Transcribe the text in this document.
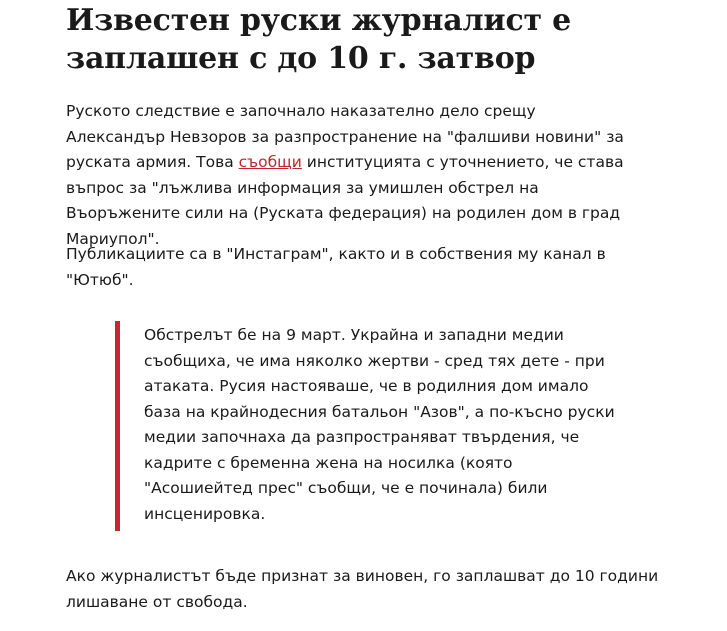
Известен руски журналист е заплашен с до 10 г. затвор

Руското следствие е започнало наказателно дело срещу Александър Невзоров за разпространение на "фалшиви новини" за руската армия. Това съобщи институцията с уточнението, че става въпрос за "лъжлива информация за умишлен обстрел на Въоръжените сили на (Руската федерация) на родилен дом в град Мариупол".

Публикациите са в "Инстаграм", както и в собствения му канал в "Ютюб".

Обстрелът бе на 9 март. Украйна и западни медии съобщиха, че има няколко жертви - сред тях дете - при атаката. Русия настояваше, че в родилния дом имало база на крайнодесния батальон "Азов", а по-късно руски медии започнаха да разпространяват твърдения, че кадрите с бременна жена на носилка (която "Асошиейтед прес" съобщи, че е починала) били инсценировка.

Ако журналистът бъде признат за виновен, го заплашват до 10 години лишаване от свобода.
